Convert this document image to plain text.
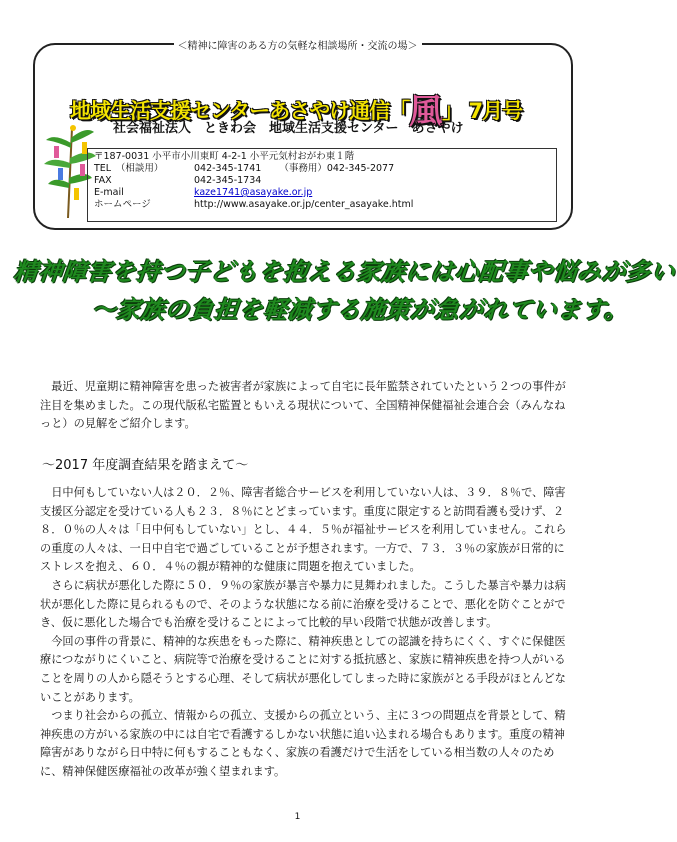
＜精神に障害のある方の気軽な相談場所・交流の場＞
地域生活支援センターあさやけ通信「風」 7月号
社会福祉法人　ときわ会　地域生活支援センター　あさやけ
〒187-0031 小平市小川東町 4-2-1 小平元気村おがわ東１階
TEL　（相談用）	042-345-1741 （事務用） 042-345-2077
FAX	042-345-1734
E-mail	kaze1741@asayake.or.jp
ホームページ	http://www.asayake.or.jp/center_asayake.html
精神障害を持つ子どもを抱える家族には心配事や悩みが多い
～家族の負担を軽減する施策が急がれています。

最近、児童期に精神障害を患った被害者が家族によって自宅に長年監禁されていたという２つの事件が注目を集めました。この現代版私宅監置ともいえる現状について、全国精神保健福祉会連合会（みんなねっと）の見解をご紹介します。

～2017 年度調査結果を踏まえて～

日中何もしていない人は２０．２％、障害者総合サービスを利用していない人は、３９．８％で、障害支援区分認定を受けている人も２３．８％にとどまっています。重度に限定すると訪問看護も受けず、２８．０％の人々は「日中何もしていない」とし、４４．５％が福祉サービスを利用していません。これらの重度の人々は、一日中自宅で過ごしていることが予想されます。一方で、７３．３％の家族が日常的にストレスを抱え、６０．４％の親が精神的な健康に問題を抱えていました。

さらに病状が悪化した際に５０．９％の家族が暴言や暴力に見舞われました。こうした暴言や暴力は病状が悪化した際に見られるもので、そのような状態になる前に治療を受けることで、悪化を防ぐことができ、仮に悪化した場合でも治療を受けることによって比較的早い段階で状態が改善します。

今回の事件の背景に、精神的な疾患をもった際に、精神疾患としての認識を持ちにくく、すぐに保健医療につながりにくいこと、病院等で治療を受けることに対する抵抗感と、家族に精神疾患を持つ人がいることを周りの人から隠そうとする心理、そして病状が悪化してしまった時に家族がとる手段がほとんどないことがあります。

つまり社会からの孤立、情報からの孤立、支援からの孤立という、主に３つの問題点を背景として、精神疾患の方がいる家族の中には自宅で看護するしかない状態に追い込まれる場合もあります。重度の精神障害がありながら日中特に何もすることもなく、家族の看護だけで生活をしている相当数の人々のために、精神保健医療福祉の改革が強く望まれます。

1
